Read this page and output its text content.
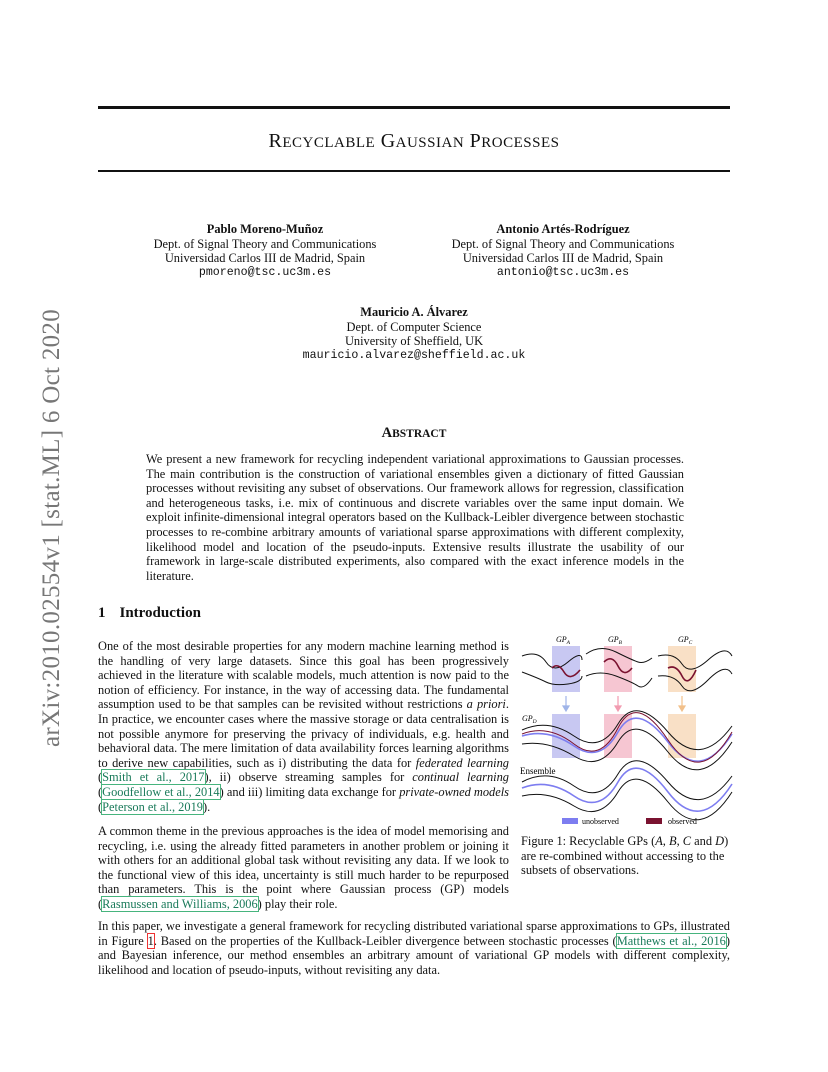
arXiv:2010.02554v1 [stat.ML] 6 Oct 2020
RECYCLABLE GAUSSIAN PROCESSES
Pablo Moreno-Muñoz
Dept. of Signal Theory and Communications
Universidad Carlos III de Madrid, Spain
pmoreno@tsc.uc3m.es
Antonio Artés-Rodríguez
Dept. of Signal Theory and Communications
Universidad Carlos III de Madrid, Spain
antonio@tsc.uc3m.es
Mauricio A. Álvarez
Dept. of Computer Science
University of Sheffield, UK
mauricio.alvarez@sheffield.ac.uk
ABSTRACT
We present a new framework for recycling independent variational approximations to Gaussian processes. The main contribution is the construction of variational ensembles given a dictionary of fitted Gaussian processes without revisiting any subset of observations. Our framework allows for regression, classification and heterogeneous tasks, i.e. mix of continuous and discrete variables over the same input domain. We exploit infinite-dimensional integral operators based on the Kullback-Leibler divergence between stochastic processes to re-combine arbitrary amounts of variational sparse approximations with different complexity, likelihood model and location of the pseudo-inputs. Extensive results illustrate the usability of our framework in large-scale distributed experiments, also compared with the exact inference models in the literature.
1 Introduction
One of the most desirable properties for any modern machine learning method is the handling of very large datasets. Since this goal has been progressively achieved in the literature with scalable models, much attention is now paid to the notion of efficiency. For instance, in the way of accessing data. The fundamental assumption used to be that samples can be revisited without restrictions a priori. In practice, we encounter cases where the massive storage or data centralisation is not possible anymore for preserving the privacy of individuals, e.g. health and behavioral data. The mere limitation of data availability forces learning algorithms to derive new capabilities, such as i) distributing the data for federated learning (Smith et al., 2017), ii) observe streaming samples for continual learning (Goodfellow et al., 2014) and iii) limiting data exchange for private-owned models (Peterson et al., 2019).
A common theme in the previous approaches is the idea of model memorising and recycling, i.e. using the already fitted parameters in another problem or joining it with others for an additional global task without revisiting any data. If we look to the functional view of this idea, uncertainty is still much harder to be repurposed than parameters. This is the point where Gaussian process (GP) models (Rasmussen and Williams, 2006) play their role.
In this paper, we investigate a general framework for recycling distributed variational sparse approximations to GPs, illustrated in Figure 1. Based on the properties of the Kullback-Leibler divergence between stochastic processes (Matthews et al., 2016) and Bayesian inference, our method ensembles an arbitrary amount of variational GP models with different complexity, likelihood and location of pseudo-inputs, without revisiting any data.
$GP_A$	$GP_B$	$GP_C$
$GP_D$
Ensemble
unobserved	observed
Figure 1: Recyclable GPs (A, B, C and D) are re-combined without accessing to the subsets of observations.
